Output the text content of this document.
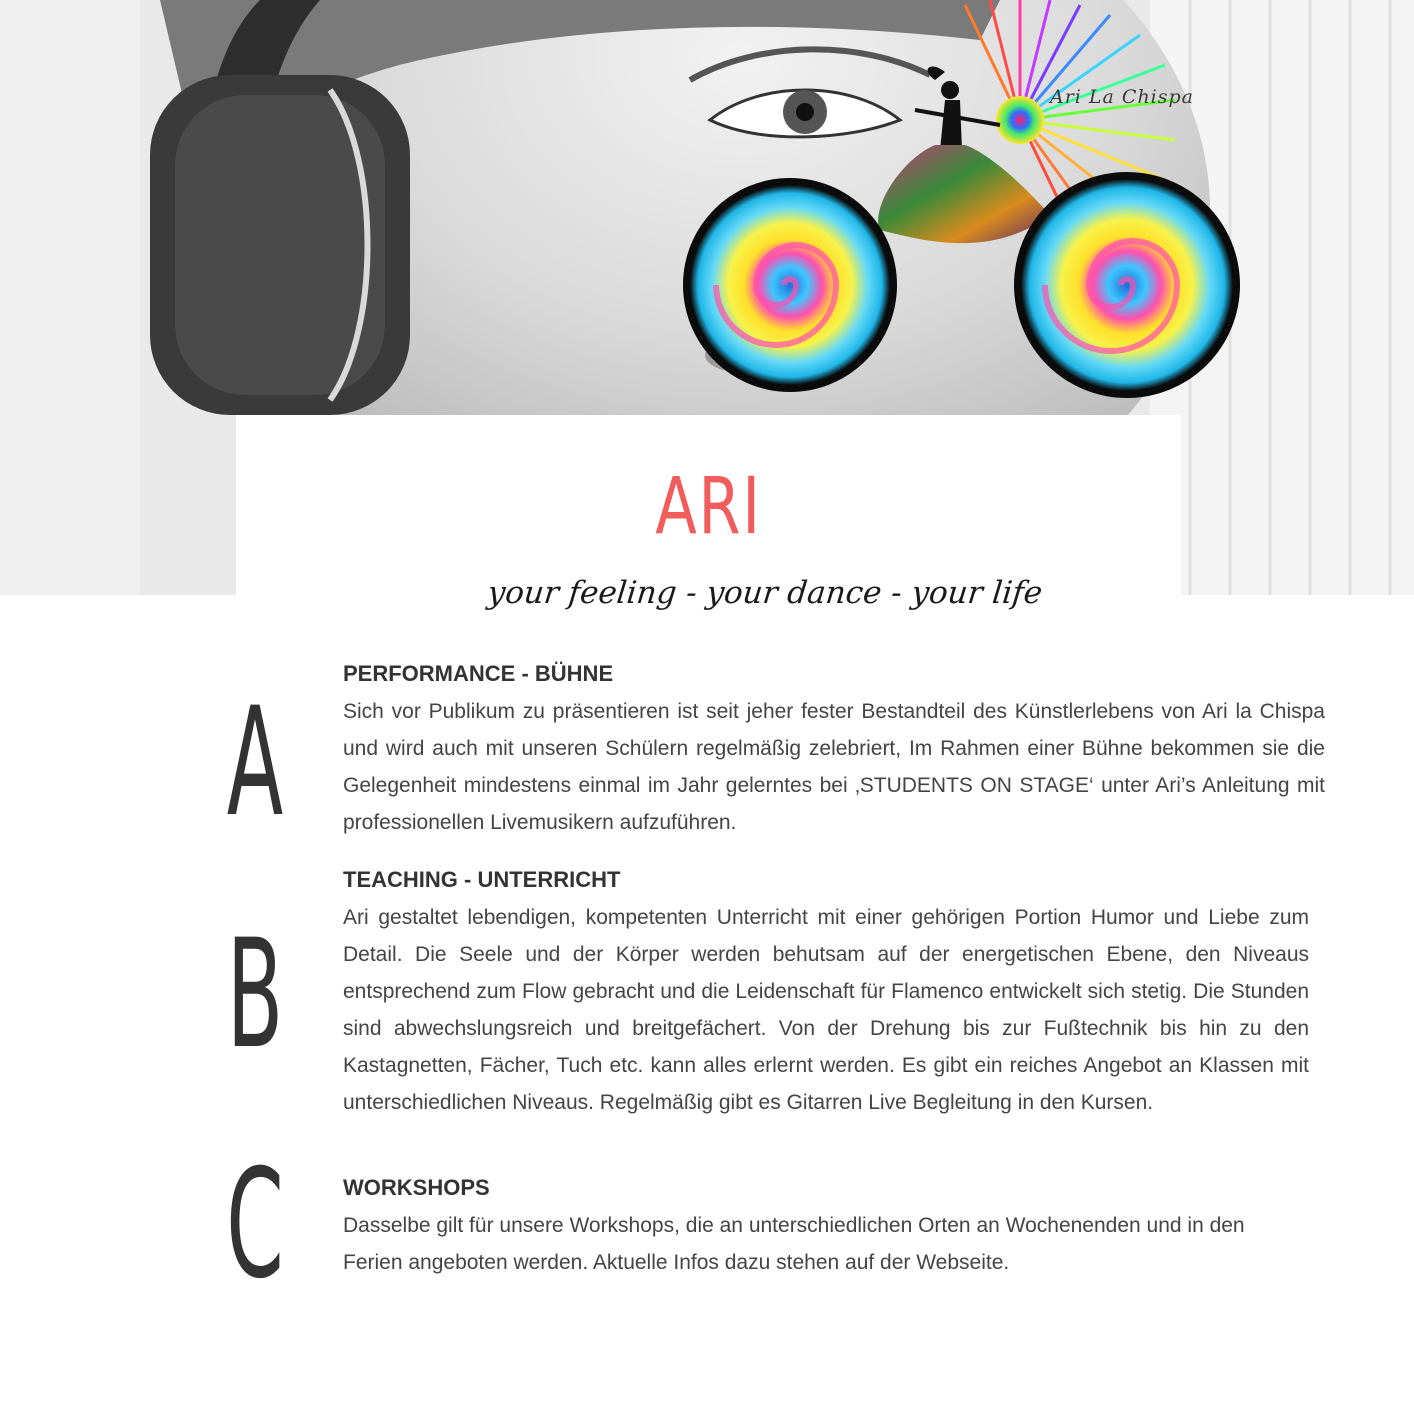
Ari La Chispa
ARI
your feeling - your dance - your life
A
B
C

PERFORMANCE - BÜHNE

Sich vor Publikum zu präsentieren ist seit jeher fester Bestandteil des Künstlerlebens von Ari la Chispa und wird auch mit unseren Schülern regelmäßig zelebriert, Im Rahmen einer Bühne bekommen sie die Gelegenheit mindestens einmal im Jahr gelerntes bei ‚STUDENTS ON STAGE‘ unter Ari’s Anleitung mit professionellen Livemusikern aufzuführen.

TEACHING - UNTERRICHT

Ari gestaltet lebendigen, kompetenten Unterricht mit einer gehörigen Portion Humor und Liebe zum Detail. Die Seele und der Körper werden behutsam auf der energetischen Ebene, den Niveaus entsprechend zum Flow gebracht und die Leidenschaft für Flamenco entwickelt sich stetig. Die Stunden sind abwechslungsreich und breitgefächert. Von der Drehung bis zur Fußtechnik bis hin zu den Kastagnetten, Fächer, Tuch etc. kann alles erlernt werden. Es gibt ein reiches Angebot an Klassen mit unterschiedlichen Niveaus. Regelmäßig gibt es Gitarren Live Begleitung in den Kursen.

WORKSHOPS

Dasselbe gilt für unsere Workshops, die an unterschiedlichen Orten an Wochenenden und in den Ferien angeboten werden. Aktuelle Infos dazu stehen auf der Webseite.
